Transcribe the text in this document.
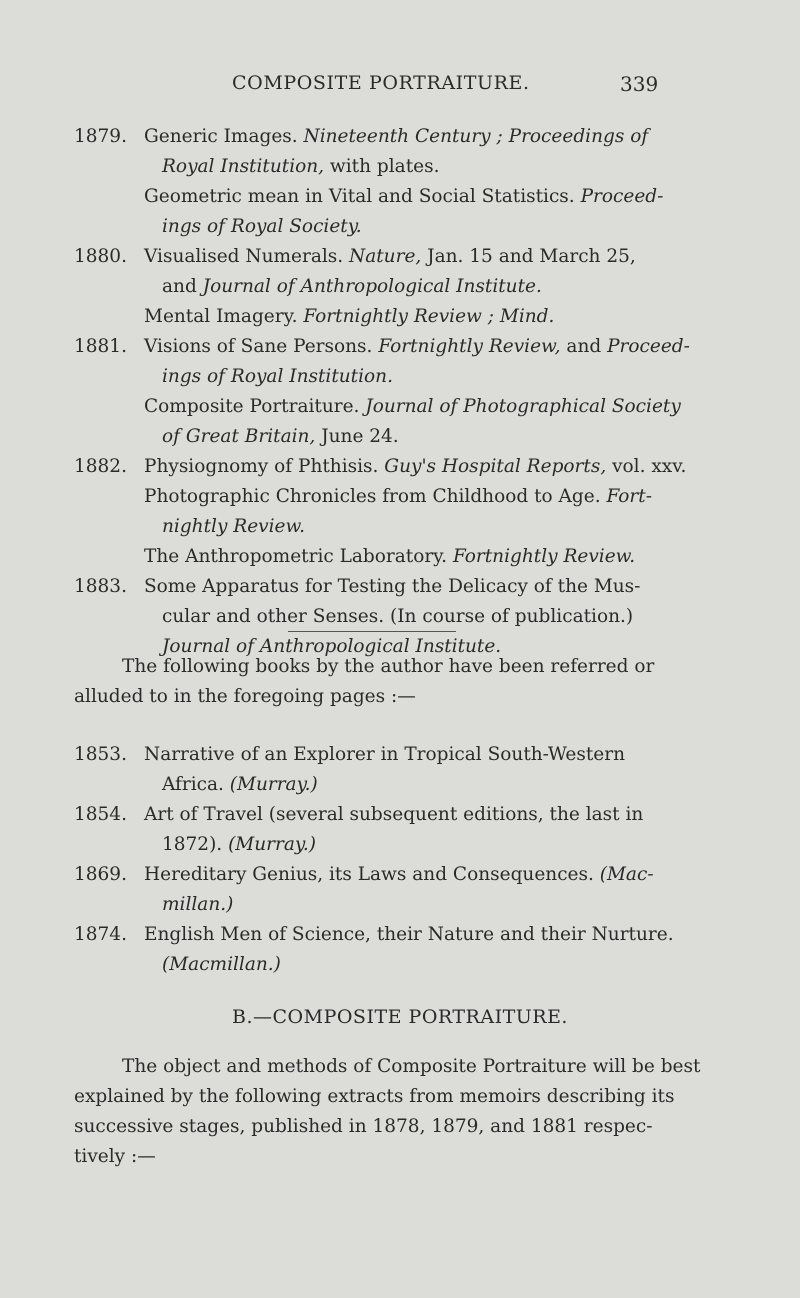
COMPOSITE PORTRAITURE.	339
1879. Generic Images. Nineteenth Century ; Proceedings of
Royal Institution, with plates.
Geometric mean in Vital and Social Statistics. Proceed-
ings of Royal Society.
1880. Visualised Numerals. Nature, Jan. 15 and March 25,
and Journal of Anthropological Institute.
Mental Imagery. Fortnightly Review ; Mind.
1881. Visions of Sane Persons. Fortnightly Review, and Proceed-
ings of Royal Institution.
Composite Portraiture. Journal of Photographical Society
of Great Britain, June 24.
1882. Physiognomy of Phthisis. Guy's Hospital Reports, vol. xxv.
Photographic Chronicles from Childhood to Age. Fort-
nightly Review.
The Anthropometric Laboratory. Fortnightly Review.
1883. Some Apparatus for Testing the Delicacy of the Mus-
cular and other Senses. (In course of publication.)
Journal of Anthropological Institute.
The following books by the author have been referred or
alluded to in the foregoing pages :—
1853. Narrative of an Explorer in Tropical South-Western
Africa. (Murray.)
1854. Art of Travel (several subsequent editions, the last in
1872). (Murray.)
1869. Hereditary Genius, its Laws and Consequences. (Mac-
millan.)
1874. English Men of Science, their Nature and their Nurture.
(Macmillan.)
B.—COMPOSITE PORTRAITURE.
The object and methods of Composite Portraiture will be best
explained by the following extracts from memoirs describing its
successive stages, published in 1878, 1879, and 1881 respec-
tively :—
